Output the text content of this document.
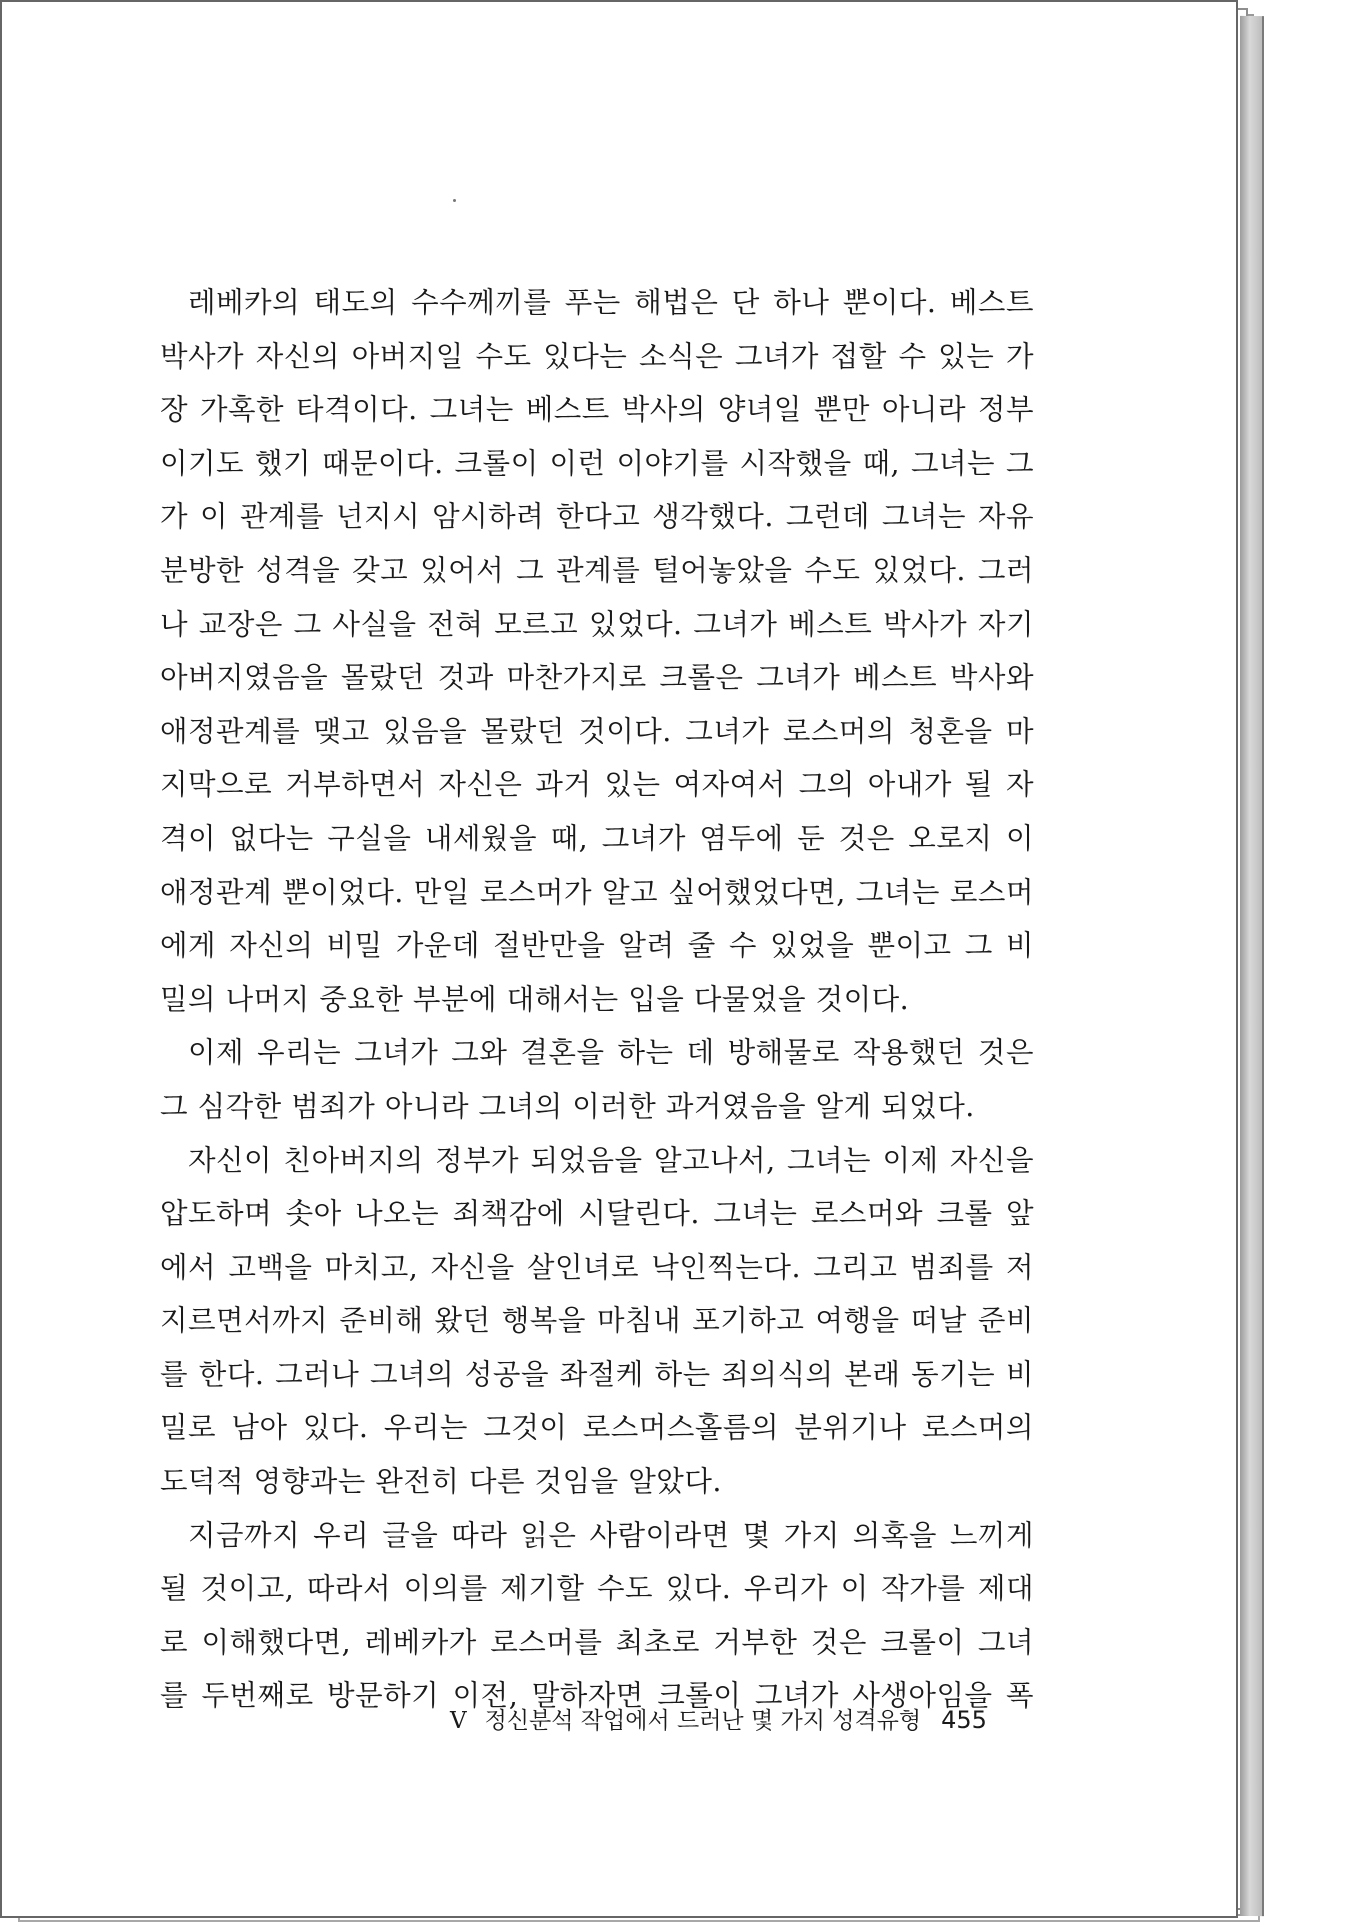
레베카의 태도의 수수께끼를 푸는 해법은 단 하나 뿐이다. 베스트
박사가 자신의 아버지일 수도 있다는 소식은 그녀가 접할 수 있는 가
장 가혹한 타격이다. 그녀는 베스트 박사의 양녀일 뿐만 아니라 정부
이기도 했기 때문이다. 크롤이 이런 이야기를 시작했을 때, 그녀는 그
가 이 관계를 넌지시 암시하려 한다고 생각했다. 그런데 그녀는 자유
분방한 성격을 갖고 있어서 그 관계를 털어놓았을 수도 있었다. 그러
나 교장은 그 사실을 전혀 모르고 있었다. 그녀가 베스트 박사가 자기
아버지였음을 몰랐던 것과 마찬가지로 크롤은 그녀가 베스트 박사와
애정관계를 맺고 있음을 몰랐던 것이다. 그녀가 로스머의 청혼을 마
지막으로 거부하면서 자신은 과거 있는 여자여서 그의 아내가 될 자
격이 없다는 구실을 내세웠을 때, 그녀가 염두에 둔 것은 오로지 이
애정관계 뿐이었다. 만일 로스머가 알고 싶어했었다면, 그녀는 로스머
에게 자신의 비밀 가운데 절반만을 알려 줄 수 있었을 뿐이고 그 비
밀의 나머지 중요한 부분에 대해서는 입을 다물었을 것이다.
이제 우리는 그녀가 그와 결혼을 하는 데 방해물로 작용했던 것은
그 심각한 범죄가 아니라 그녀의 이러한 과거였음을 알게 되었다.
자신이 친아버지의 정부가 되었음을 알고나서, 그녀는 이제 자신을
압도하며 솟아 나오는 죄책감에 시달린다. 그녀는 로스머와 크롤 앞
에서 고백을 마치고, 자신을 살인녀로 낙인찍는다. 그리고 범죄를 저
지르면서까지 준비해 왔던 행복을 마침내 포기하고 여행을 떠날 준비
를 한다. 그러나 그녀의 성공을 좌절케 하는 죄의식의 본래 동기는 비
밀로 남아 있다. 우리는 그것이 로스머스홀름의 분위기나 로스머의
도덕적 영향과는 완전히 다른 것임을 알았다.
지금까지 우리 글을 따라 읽은 사람이라면 몇 가지 의혹을 느끼게
될 것이고, 따라서 이의를 제기할 수도 있다. 우리가 이 작가를 제대
로 이해했다면, 레베카가 로스머를 최초로 거부한 것은 크롤이 그녀
를 두번째로 방문하기 이전, 말하자면 크롤이 그녀가 사생아임을 폭
V 정신분석 작업에서 드러난 몇 가지 성격유형 455
